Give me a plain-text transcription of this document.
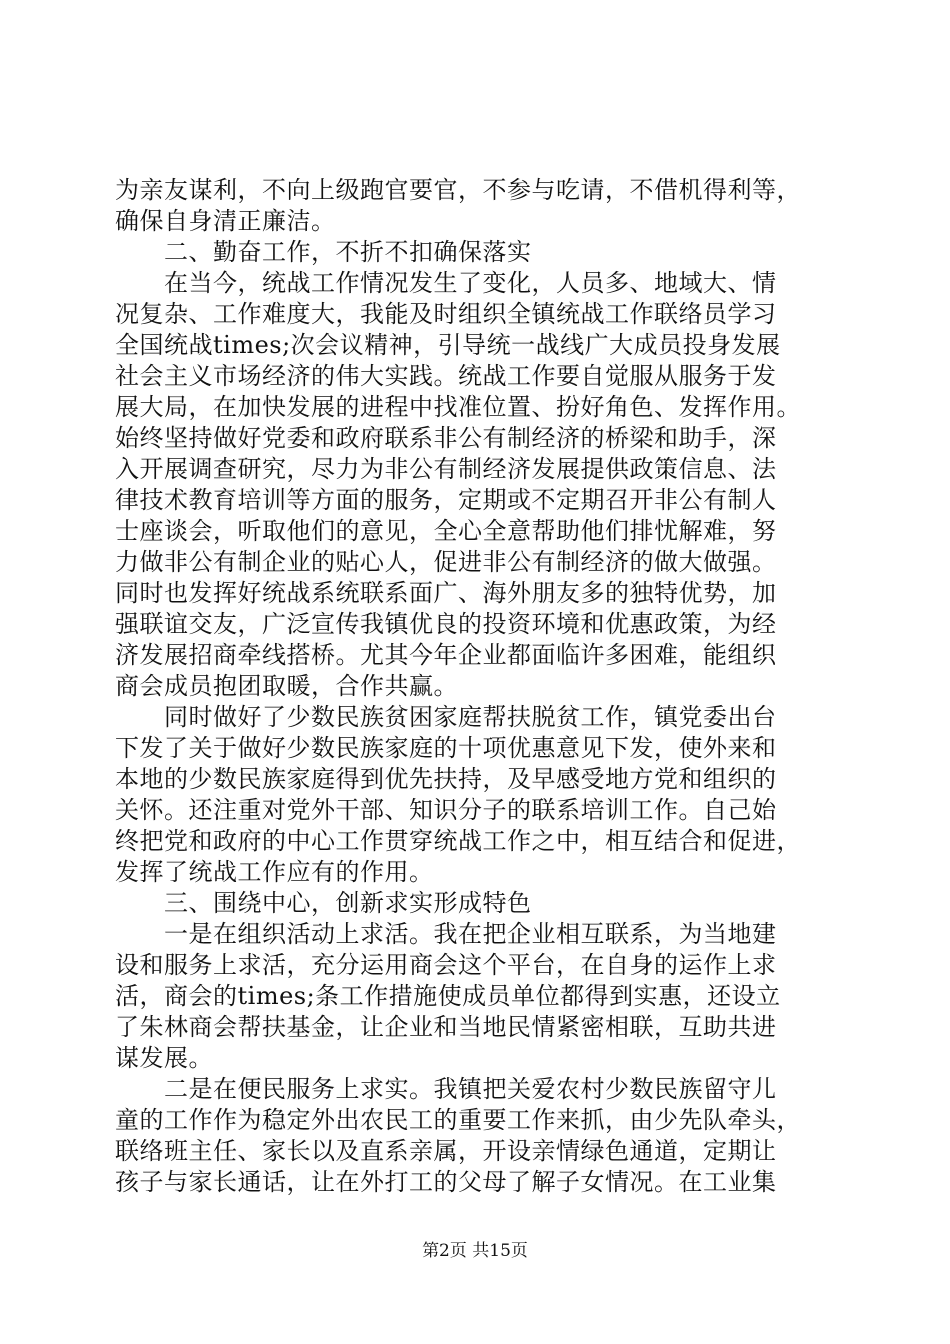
为亲友谋利，不向上级跑官要官，不参与吃请，不借机得利等，
确保自身清正廉洁。
　　二、勤奋工作，不折不扣确保落实
　　在当今，统战工作情况发生了变化，人员多、地域大、情
况复杂、工作难度大，我能及时组织全镇统战工作联络员学习
全国统战times;次会议精神，引导统一战线广大成员投身发展
社会主义市场经济的伟大实践。统战工作要自觉服从服务于发
展大局，在加快发展的进程中找准位置、扮好角色、发挥作用。
始终坚持做好党委和政府联系非公有制经济的桥梁和助手，深
入开展调查研究，尽力为非公有制经济发展提供政策信息、法
律技术教育培训等方面的服务，定期或不定期召开非公有制人
士座谈会，听取他们的意见，全心全意帮助他们排忧解难，努
力做非公有制企业的贴心人，促进非公有制经济的做大做强。
同时也发挥好统战系统联系面广、海外朋友多的独特优势，加
强联谊交友，广泛宣传我镇优良的投资环境和优惠政策，为经
济发展招商牵线搭桥。尤其今年企业都面临许多困难，能组织
商会成员抱团取暖，合作共赢。
　　同时做好了少数民族贫困家庭帮扶脱贫工作，镇党委出台
下发了关于做好少数民族家庭的十项优惠意见下发，使外来和
本地的少数民族家庭得到优先扶持，及早感受地方党和组织的
关怀。还注重对党外干部、知识分子的联系培训工作。自己始
终把党和政府的中心工作贯穿统战工作之中，相互结合和促进，
发挥了统战工作应有的作用。
　　三、围绕中心，创新求实形成特色
　　一是在组织活动上求活。我在把企业相互联系，为当地建
设和服务上求活，充分运用商会这个平台，在自身的运作上求
活，商会的times;条工作措施使成员单位都得到实惠，还设立
了朱林商会帮扶基金，让企业和当地民情紧密相联，互助共进
谋发展。
　　二是在便民服务上求实。我镇把关爱农村少数民族留守儿
童的工作作为稳定外出农民工的重要工作来抓，由少先队牵头，
联络班主任、家长以及直系亲属，开设亲情绿色通道，定期让
孩子与家长通话，让在外打工的父母了解子女情况。在工业集
第2页 共15页
